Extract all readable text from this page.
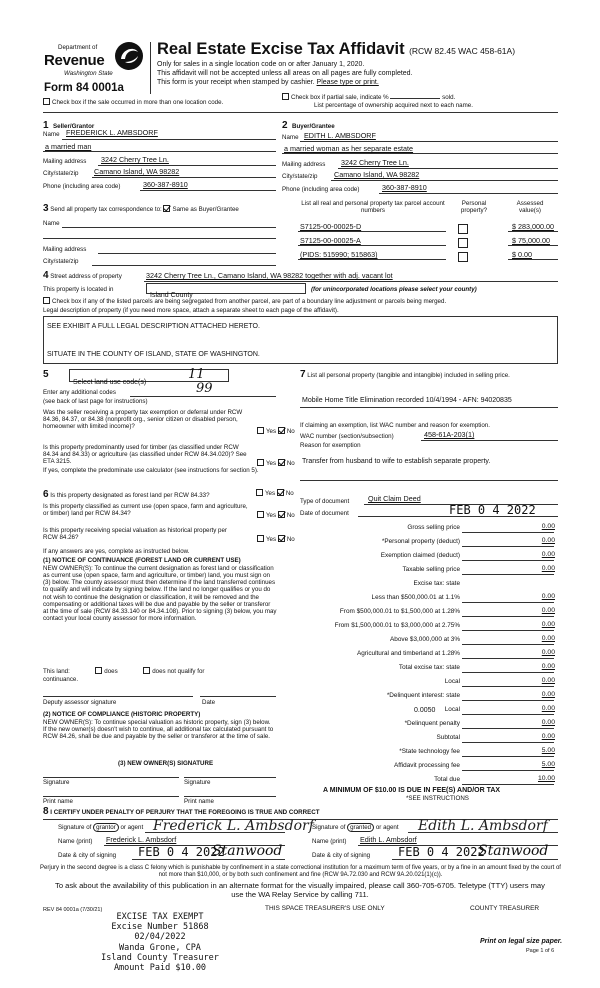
Department of
Revenue
Washington State
Form 84 0001a
Real Estate Excise Tax Affidavit (RCW 82.45 WAC 458-61A)
Only for sales in a single location code on or after January 1, 2020.
This affidavit will not be accepted unless all areas on all pages are fully completed.
This form is your receipt when stamped by cashier. Please type or print.
Check box if the sale occurred in more than one location code.
Check box if partial sale, indicate %	sold.
List percentage of ownership acquired next to each name.
1 Seller/Grantor
Name FREDERICK L. AMBSDORF
a married man
Mailing address 3242 Cherry Tree Ln.
City/state/zip Camano Island, WA 98282
Phone (including area code)	360-387-8910
2 Buyer/Grantee
Name EDITH L. AMBSDORF
a married woman as her separate estate
Mailing address 3242 Cherry Tree Ln.
City/state/zip Camano Island, WA 98282
Phone (including area code)	360-387-8910
3 Send all property tax correspondence to: Same as Buyer/Grantee
Name
Mailing address
City/state/zip
List all real and personal property tax parcel account numbers
Personal property?
Assessed value(s)
S7125-00-00025-D	$ 283,000.00
S7125-00-00025-A	$ 75,000.00
(PIDS: 515990; 515863)	$ 0.00
4 Street address of property	3242 Cherry Tree Ln., Camano Island, WA 98282 together with adj. vacant lot
This property is located in
Island County
(for unincorporated locations please select your county)
Check box if any of the listed parcels are being segregated from another parcel, are part of a boundary line adjustment or parcels being merged.
Legal description of property (if you need more space, attach a separate sheet to each page of the affidavit).
SEE EXHIBIT A FULL LEGAL DESCRIPTION ATTACHED HERETO.
SITUATE IN THE COUNTY OF ISLAND, STATE OF WASHINGTON.
5
Select land use code(s)
11
Enter any additional codes	99
(see back of last page for instructions)
Was the seller receiving a property tax exemption or deferral under RCW 84.36, 84.37, or 84.38 (nonprofit org., senior citizen or disabled person, homeowner with limited income)?
Yes No
Is this property predominantly used for timber (as classified under RCW 84.34 and 84.33) or agriculture (as classified under RCW 84.34.020)? See ETA 3215.	Yes No
If yes, complete the predominate use calculator (see instructions for section 5).
6 Is this property designated as forest land per RCW 84.33?	Yes No
Is this property classified as current use (open space, farm and agriculture, or timber) land per RCW 84.34?	Yes No
Is this property receiving special valuation as historical property per RCW 84.26?	Yes No
If any answers are yes, complete as instructed below.
(1) NOTICE OF CONTINUANCE (FOREST LAND OR CURRENT USE)
NEW OWNER(S): To continue the current designation as forest land or classification as current use (open space, farm and agriculture, or timber) land, you must sign on (3) below. The county assessor must then determine if the land transferred continues to qualify and will indicate by signing below. If the land no longer qualifies or you do not wish to continue the designation or classification, it will be removed and the compensating or additional taxes will be due and payable by the seller or transferor at the time of sale (RCW 84.33.140 or 84.34.108). Prior to signing (3) below, you may contact your local county assessor for more information.
This land:	does	does not qualify for
continuance.
Deputy assessor signature	Date
(2) NOTICE OF COMPLIANCE (HISTORIC PROPERTY)
NEW OWNER(S): To continue special valuation as historic property, sign (3) below. If the new owner(s) doesn't wish to continue, all additional tax calculated pursuant to RCW 84.26, shall be due and payable by the seller or transferor at the time of sale.
(3) NEW OWNER(S) SIGNATURE
Signature	Signature
Print name	Print name
7 List all personal property (tangible and intangible) included in selling price.
Mobile Home Title Elimination recorded 10/4/1994 - AFN: 94020835
If claiming an exemption, list WAC number and reason for exemption.
WAC number (section/subsection)	458-61A-203(1)
Reason for exemption
Transfer from husband to wife to establish separate property.
Type of document	Quit Claim Deed
Date of document	FEB 0 4 2022
Gross selling price	0.00
*Personal property (deduct)	0.00
Exemption claimed (deduct)	0.00
Taxable selling price	0.00
Excise tax: state
Less than $500,000.01 at 1.1%	0.00
From $500,000.01 to $1,500,000 at 1.28%	0.00
From $1,500,000.01 to $3,000,000 at 2.75%	0.00
Above $3,000,000 at 3%	0.00
Agricultural and timberland at 1.28%	0.00
Total excise tax: state	0.00
Local	0.00
*Delinquent interest: state	0.00
Local	0.00
*Delinquent penalty	0.00
Subtotal	0.00
*State technology fee	5.00
Affidavit processing fee	5.00
Total due	10.00
0.0050
A MINIMUM OF $10.00 IS DUE IN FEE(S) AND/OR TAX
*SEE INSTRUCTIONS
8 I CERTIFY UNDER PENALTY OF PERJURY THAT THE FOREGOING IS TRUE AND CORRECT
Signature of grantor or agent Frederick L. Ambsdorf
Name (print) Frederick L. Ambsdorf
Date & city of signing FEB 0 4 2022
Stanwood
Signature of granted or agent Edith L. Ambsdorf
Name (print) Edith L. Ambsdorf
Date & city of signing FEB 0 4 2022
Stanwood
Perjury in the second degree is a class C felony which is punishable by confinement in a state correctional institution for a maximum term of five years, or by a fine in an amount fixed by the court of not more than $10,000, or by both such confinement and fine (RCW 9A.72.030 and RCW 9A.20.021(1)(c)).
To ask about the availability of this publication in an alternate format for the visually impaired, please call 360-705-6705. Teletype (TTY) users may use the WA Relay Service by calling 711.
REV 84 0001a (7/30/21)	THIS SPACE TREASURER'S USE ONLY	COUNTY TREASURER
EXCISE TAX EXEMPT
Excise Number 51868
02/04/2022
Wanda Grone, CPA
Island County Treasurer
Amount Paid $10.00
Print on legal size paper.
Page 1 of 6
